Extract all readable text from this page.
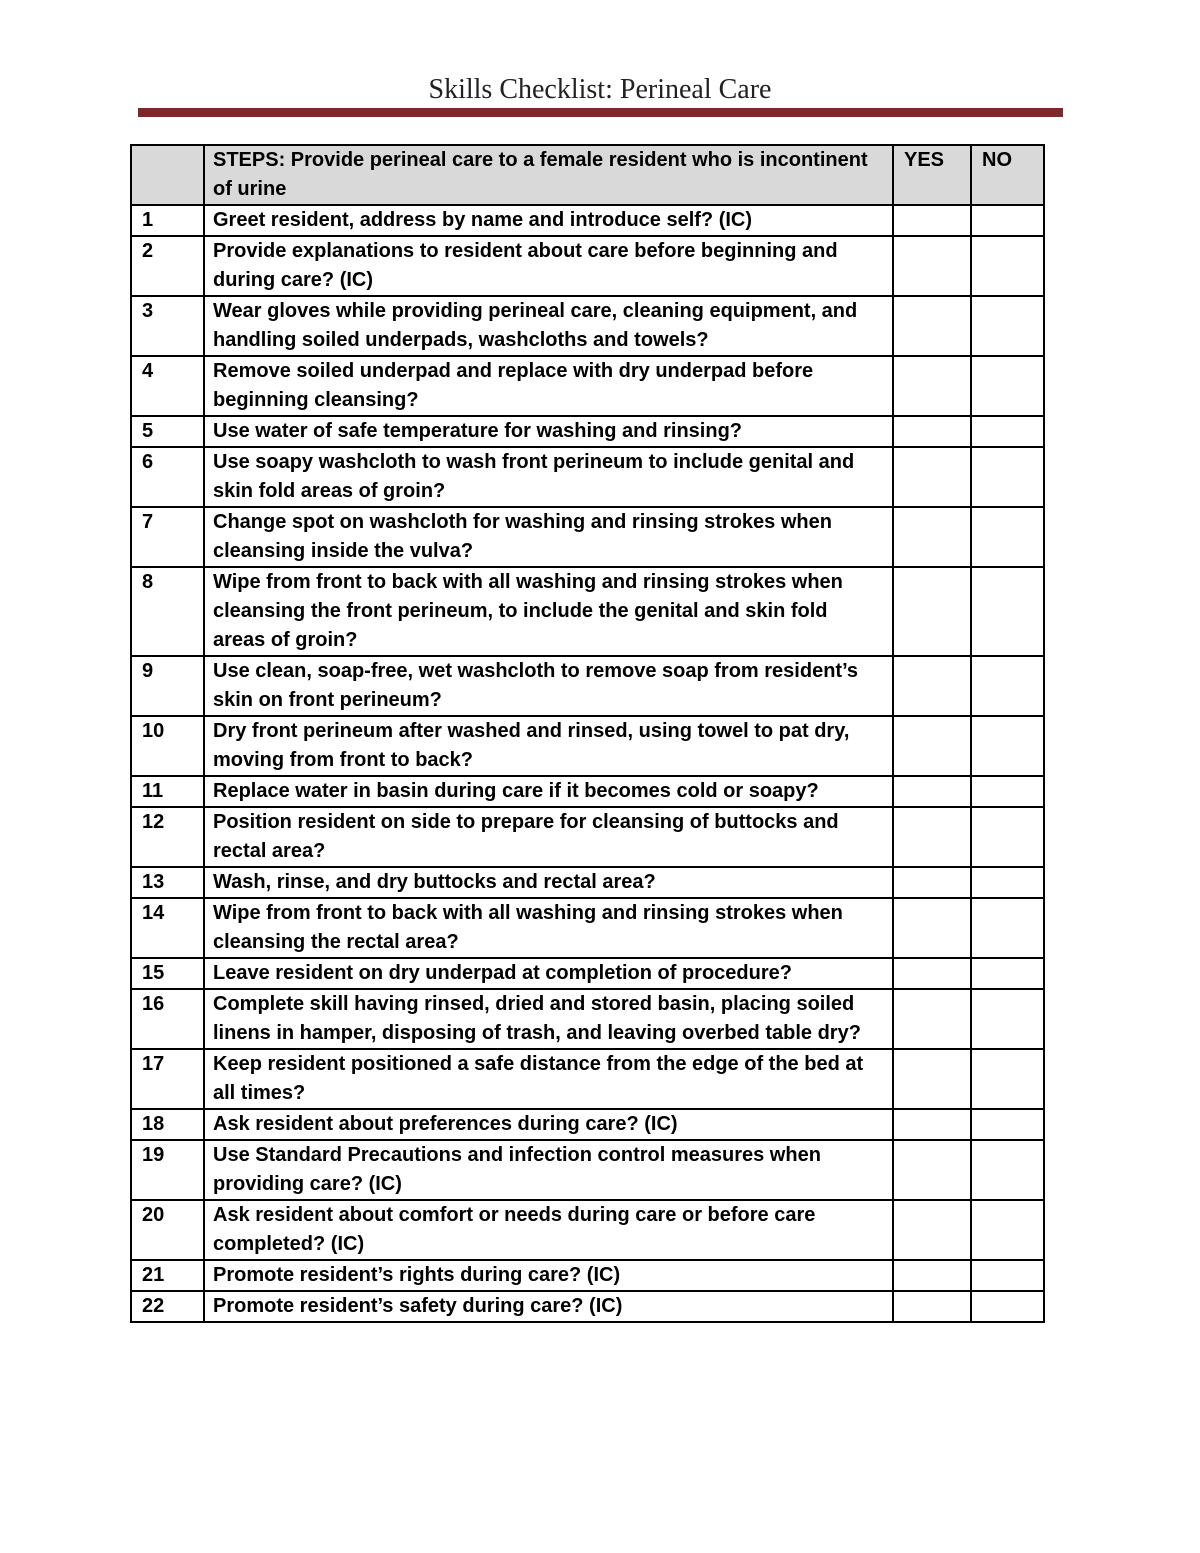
Skills Checklist: Perineal Care
	STEPS: Provide perineal care to a female resident who is incontinent of urine	YES	NO
1	Greet resident, address by name and introduce self? (IC)		
2	Provide explanations to resident about care before beginning and during care? (IC)		
3	Wear gloves while providing perineal care, cleaning equipment, and handling soiled underpads, washcloths and towels?		
4	Remove soiled underpad and replace with dry underpad before beginning cleansing?		
5	Use water of safe temperature for washing and rinsing?		
6	Use soapy washcloth to wash front perineum to include genital and skin fold areas of groin?		
7	Change spot on washcloth for washing and rinsing strokes when cleansing inside the vulva?		
8	Wipe from front to back with all washing and rinsing strokes when cleansing the front perineum, to include the genital and skin fold areas of groin?		
9	Use clean, soap-free, wet washcloth to remove soap from resident’s skin on front perineum?		
10	Dry front perineum after washed and rinsed, using towel to pat dry, moving from front to back?		
11	Replace water in basin during care if it becomes cold or soapy?		
12	Position resident on side to prepare for cleansing of buttocks and rectal area?		
13	Wash, rinse, and dry buttocks and rectal area?		
14	Wipe from front to back with all washing and rinsing strokes when cleansing the rectal area?		
15	Leave resident on dry underpad at completion of procedure?		
16	Complete skill having rinsed, dried and stored basin, placing soiled linens in hamper, disposing of trash, and leaving overbed table dry?		
17	Keep resident positioned a safe distance from the edge of the bed at all times?		
18	Ask resident about preferences during care? (IC)		
19	Use Standard Precautions and infection control measures when providing care? (IC)		
20	Ask resident about comfort or needs during care or before care completed? (IC)		
21	Promote resident’s rights during care? (IC)		
22	Promote resident’s safety during care? (IC)		
